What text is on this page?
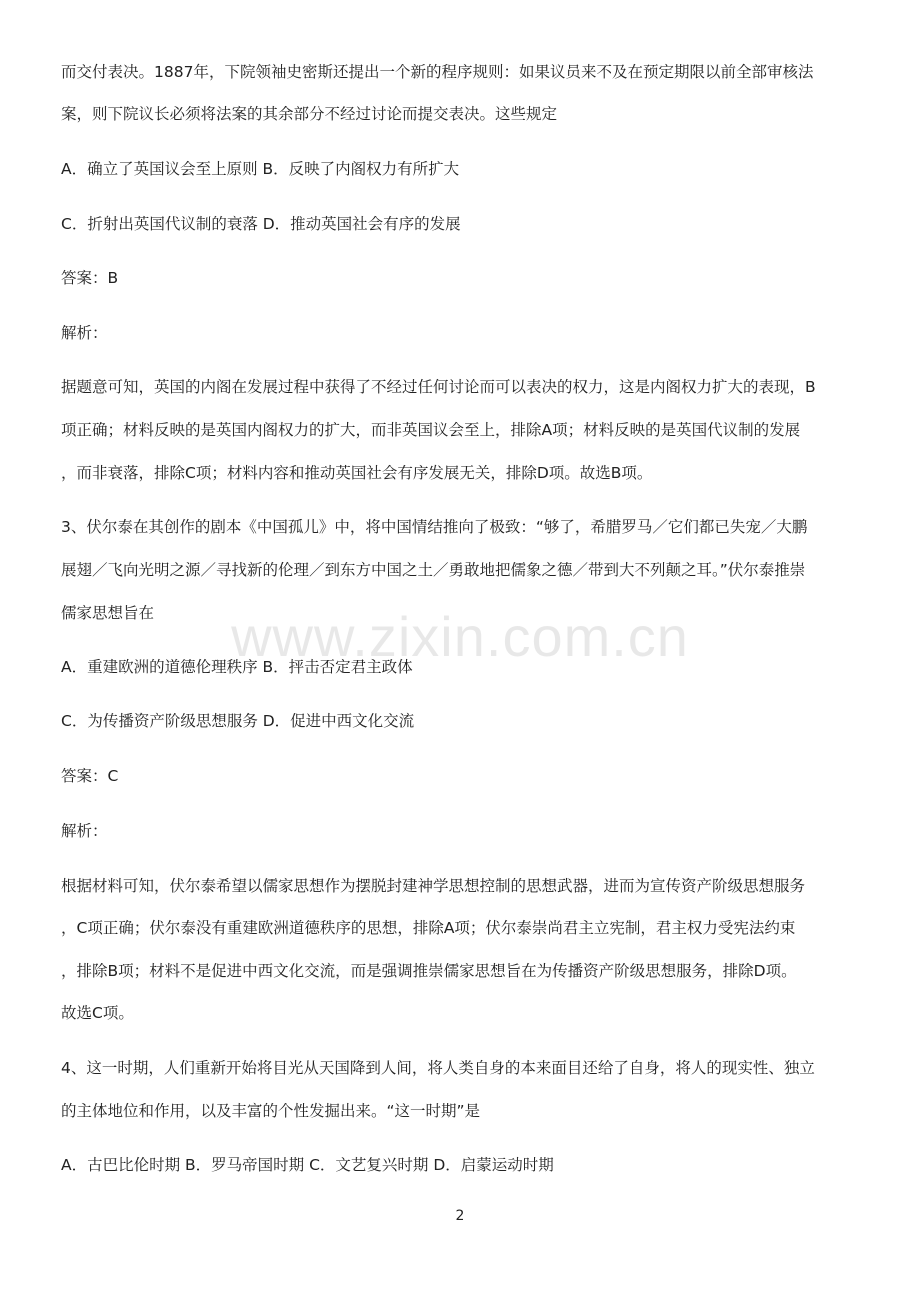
www.zixin.com.cn
而交付表决。1887年，下院领袖史密斯还提出一个新的程序规则：如果议员来不及在预定期限以前全部审核法
案，则下院议长必须将法案的其余部分不经过讨论而提交表决。这些规定
A．确立了英国议会至上原则 B．反映了内阁权力有所扩大
C．折射出英国代议制的衰落 D．推动英国社会有序的发展
答案：B
解析：
据题意可知，英国的内阁在发展过程中获得了不经过任何讨论而可以表决的权力，这是内阁权力扩大的表现，B
项正确；材料反映的是英国内阁权力的扩大，而非英国议会至上，排除A项；材料反映的是英国代议制的发展
，而非衰落，排除C项；材料内容和推动英国社会有序发展无关，排除D项。故选B项。
3、伏尔泰在其创作的剧本《中国孤儿》中，将中国情结推向了极致：“够了，希腊罗马／它们都已失宠／大鹏
展翅／飞向光明之源／寻找新的伦理／到东方中国之土／勇敢地把儒象之德／带到大不列颠之耳。”伏尔泰推崇
儒家思想旨在
A．重建欧洲的道德伦理秩序 B．抨击否定君主政体
C．为传播资产阶级思想服务 D．促进中西文化交流
答案：C
解析：
根据材料可知，伏尔泰希望以儒家思想作为摆脱封建神学思想控制的思想武器，进而为宣传资产阶级思想服务
，C项正确；伏尔泰没有重建欧洲道德秩序的思想，排除A项；伏尔泰崇尚君主立宪制，君主权力受宪法约束
，排除B项；材料不是促进中西文化交流，而是强调推崇儒家思想旨在为传播资产阶级思想服务，排除D项。
故选C项。
4、这一时期，人们重新开始将目光从天国降到人间，将人类自身的本来面目还给了自身，将人的现实性、独立
的主体地位和作用，以及丰富的个性发掘出来。“这一时期”是
A．古巴比伦时期 B．罗马帝国时期 C．文艺复兴时期 D．启蒙运动时期
2
